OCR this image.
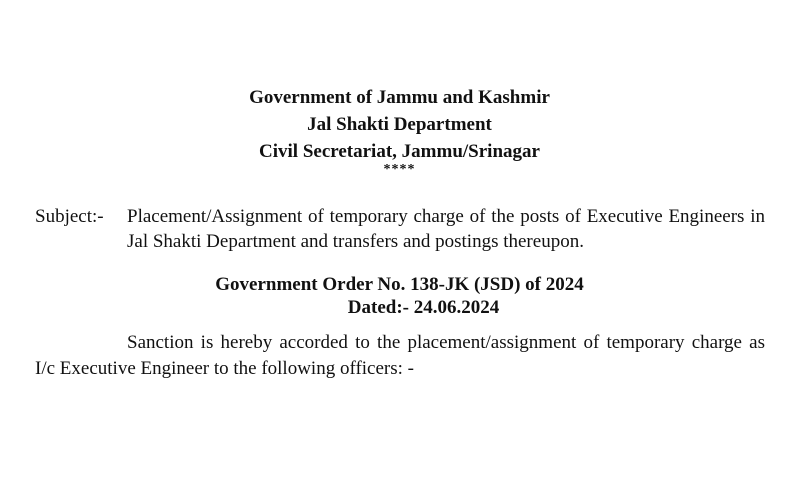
Government of Jammu and Kashmir
Jal Shakti Department
Civil Secretariat, Jammu/Srinagar
****
Subject:- Placement/Assignment of temporary charge of the posts of Executive Engineers in Jal Shakti Department and transfers and postings thereupon.
Government Order No. 138-JK (JSD) of 2024
Dated:- 24.06.2024
Sanction is hereby accorded to the placement/assignment of temporary charge as I/c Executive Engineer to the following officers: -
